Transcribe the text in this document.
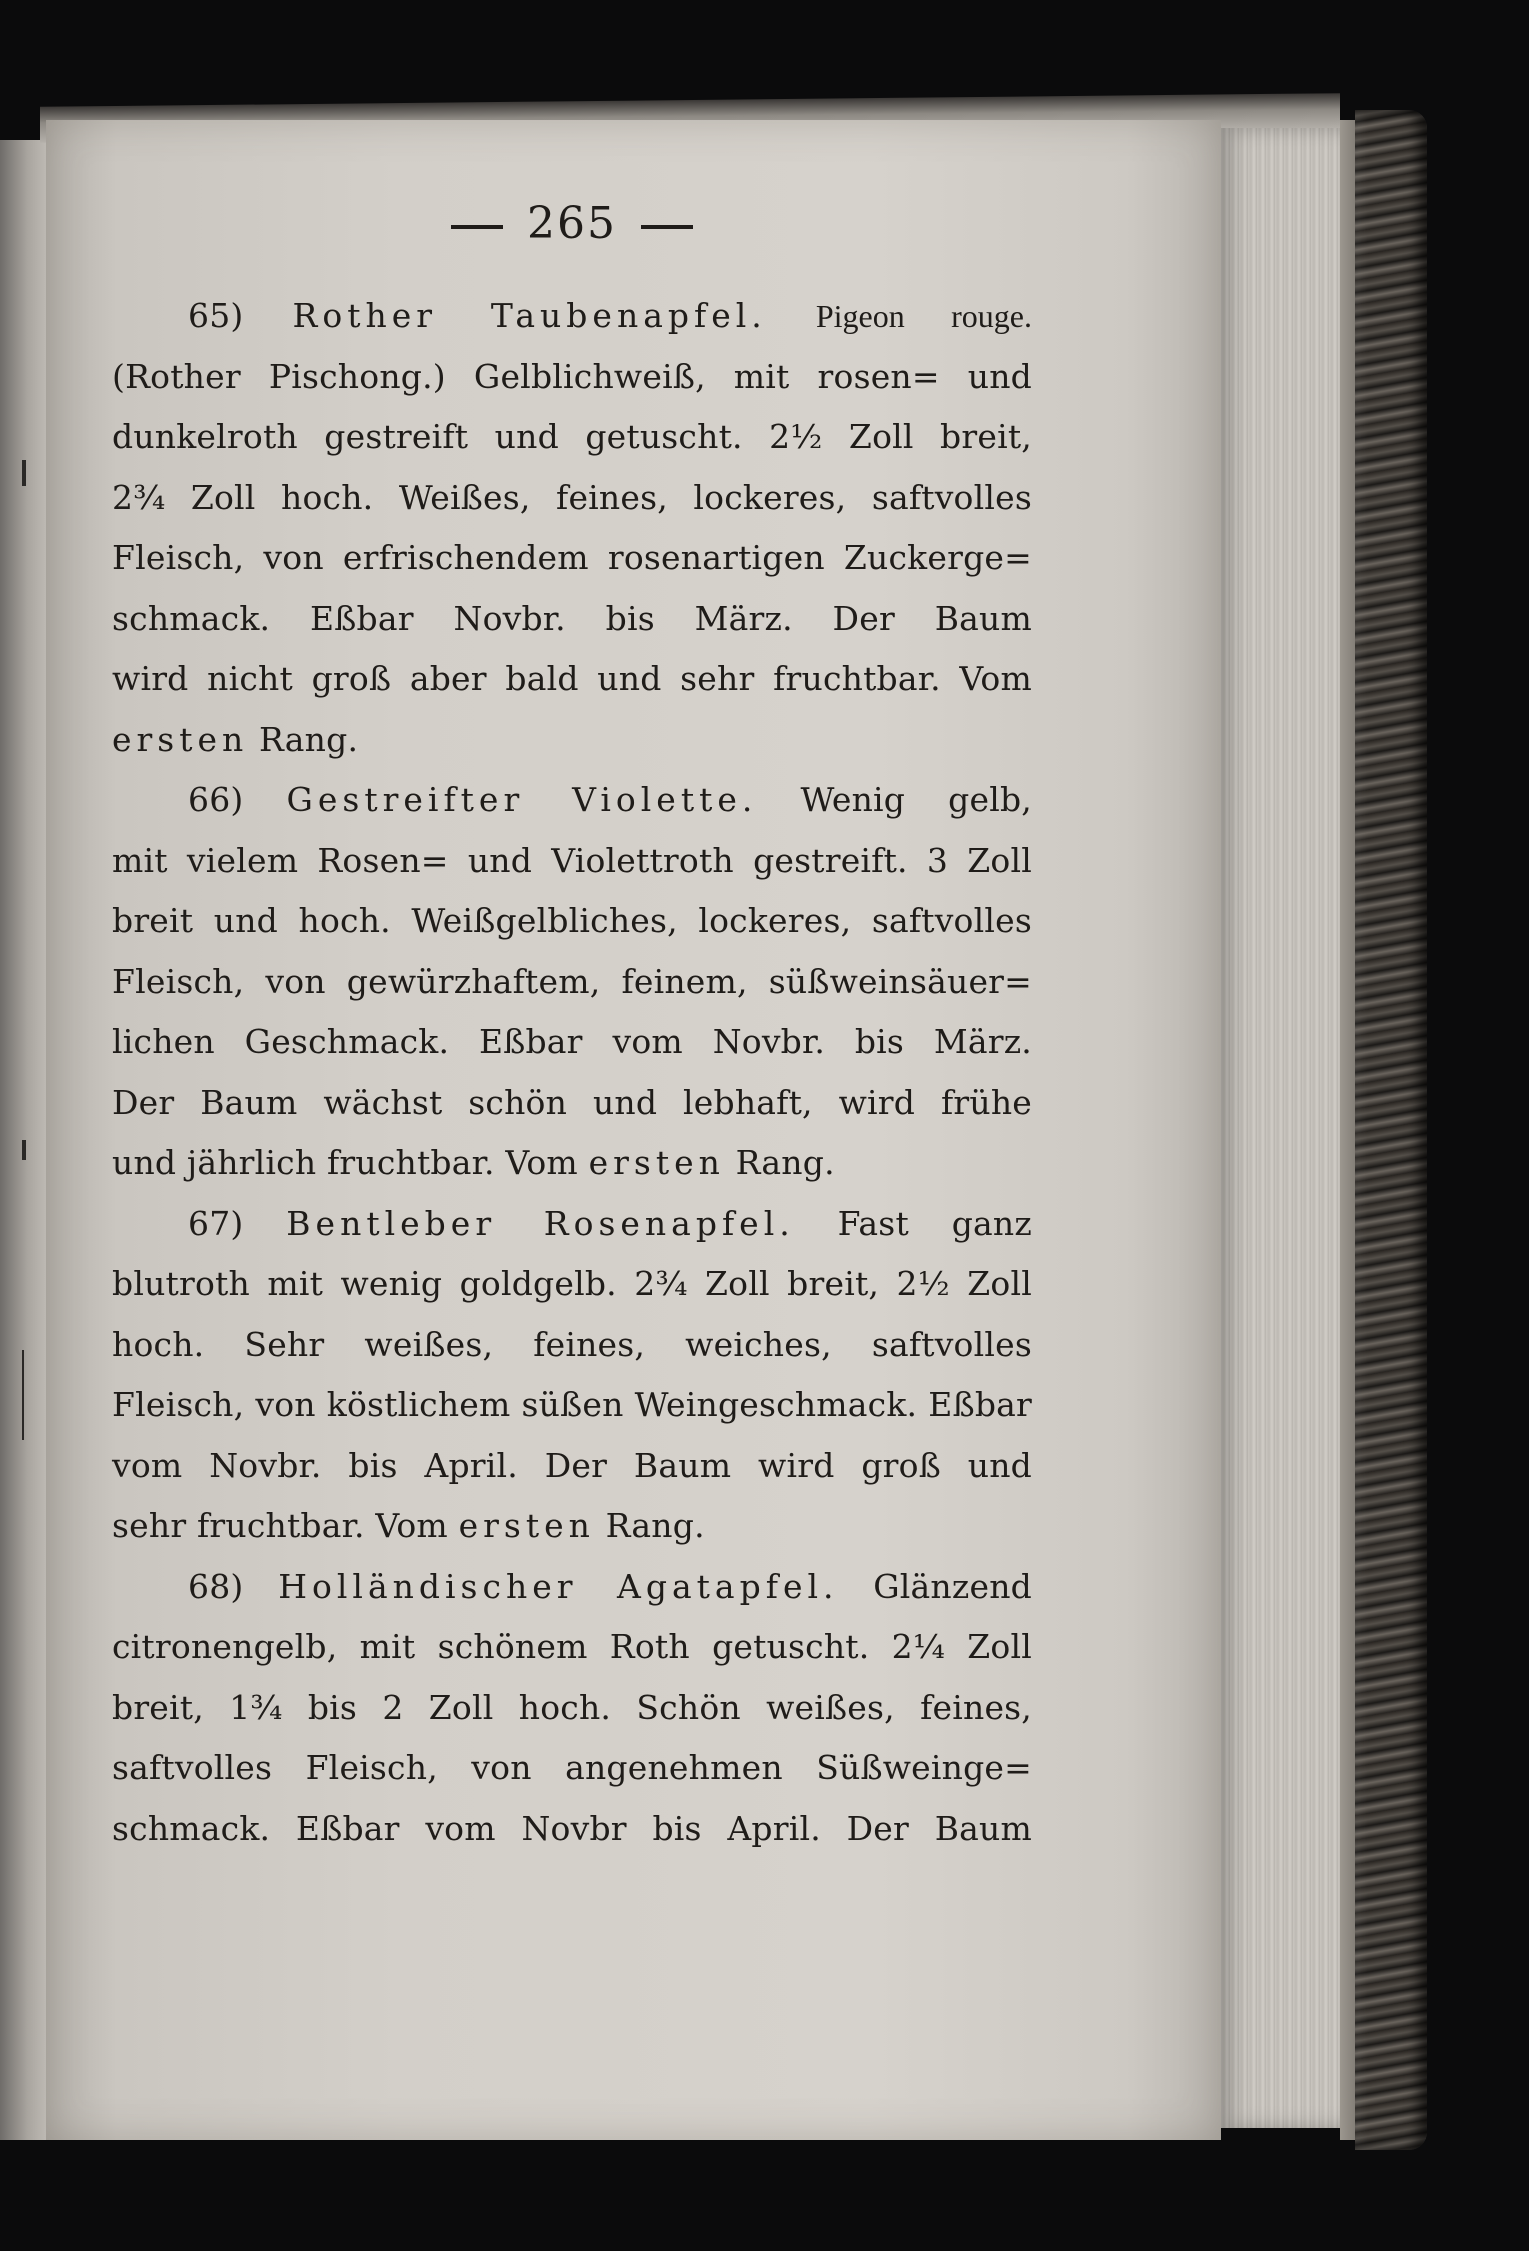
265
65) Rother Taubenapfel. Pigeon rouge.
(Rother Pischong.) Gelblichweiß, mit rosen= und
dunkelroth gestreift und getuscht. 2½ Zoll breit,
2¾ Zoll hoch. Weißes, feines, lockeres, saftvolles
Fleisch, von erfrischendem rosenartigen Zuckerge=
schmack. Eßbar Novbr. bis März. Der Baum
wird nicht groß aber bald und sehr fruchtbar. Vom
ersten Rang.
66) Gestreifter Violette. Wenig gelb,
mit vielem Rosen= und Violettroth gestreift. 3 Zoll
breit und hoch. Weißgelbliches, lockeres, saftvolles
Fleisch, von gewürzhaftem, feinem, süßweinsäuer=
lichen Geschmack. Eßbar vom Novbr. bis März.
Der Baum wächst schön und lebhaft, wird frühe
und jährlich fruchtbar. Vom ersten Rang.
67) Bentleber Rosenapfel. Fast ganz
blutroth mit wenig goldgelb. 2¾ Zoll breit, 2½ Zoll
hoch. Sehr weißes, feines, weiches, saftvolles
Fleisch, von köstlichem süßen Weingeschmack. Eßbar
vom Novbr. bis April. Der Baum wird groß und
sehr fruchtbar. Vom ersten Rang.
68) Holländischer Agatapfel. Glänzend
citronengelb, mit schönem Roth getuscht. 2¼ Zoll
breit, 1¾ bis 2 Zoll hoch. Schön weißes, feines,
saftvolles Fleisch, von angenehmen Süßweinge=
schmack. Eßbar vom Novbr bis April. Der Baum
